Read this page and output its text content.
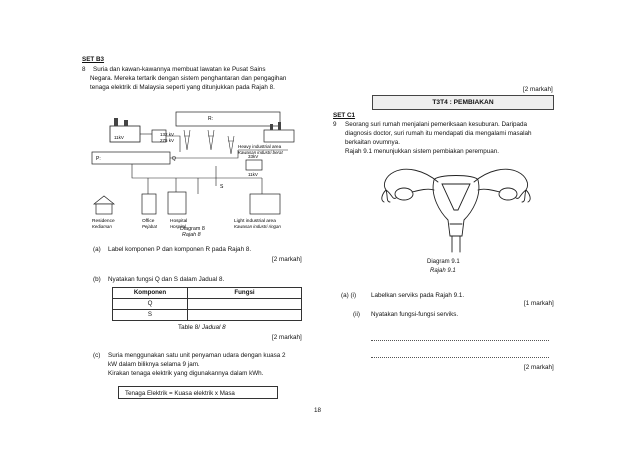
SET B3
8 Suria dan kawan-kawannya membuat lawatan ke Pusat Sains
Negara. Mereka tertarik dengan sistem penghantaran dan pengagihan
tenaga elektrik di Malaysia seperti yang ditunjukkan pada Rajah 8.
11kV
R:
132 kV
275 kV
P:	Q
Heavy industrial area
Kawasan industri berat
33kV
11kV
S
Residence
Kediaman
Office
Pejabat
Hospital
Hospital
Light industrial area
Kawasan industri ringan
Diagram 8
Rajah 8
(a) Label komponen P dan komponen R pada Rajah 8.
[2 markah]
(b) Nyatakan fungsi Q dan S dalam Jadual 8.
Komponen	Fungsi
Q	
S	
Table 8/ Jadual 8
[2 markah]
(c) Suria menggunakan satu unit penyaman udara dengan kuasa 2
kW dalam biliknya selama 9 jam.
Kirakan tenaga elektrik yang digunakannya dalam kWh.
Tenaga Elektrik = Kuasa elektrik x Masa
[2 markah]
T3T4 : PEMBIAKAN
SET C1
9 Seorang suri rumah menjalani pemeriksaan kesuburan. Daripada
diagnosis doctor, suri rumah itu mendapati dia mengalami masalah
berkaitan ovumnya.
Rajah 9.1 menunjukkan sistem pembiakan perempuan.
Diagram 9.1
Rajah 9.1
(a) (i) Labelkan serviks pada Rajah 9.1.
[1 markah]
(ii) Nyatakan fungsi-fungsi serviks.
[2 markah]
18
